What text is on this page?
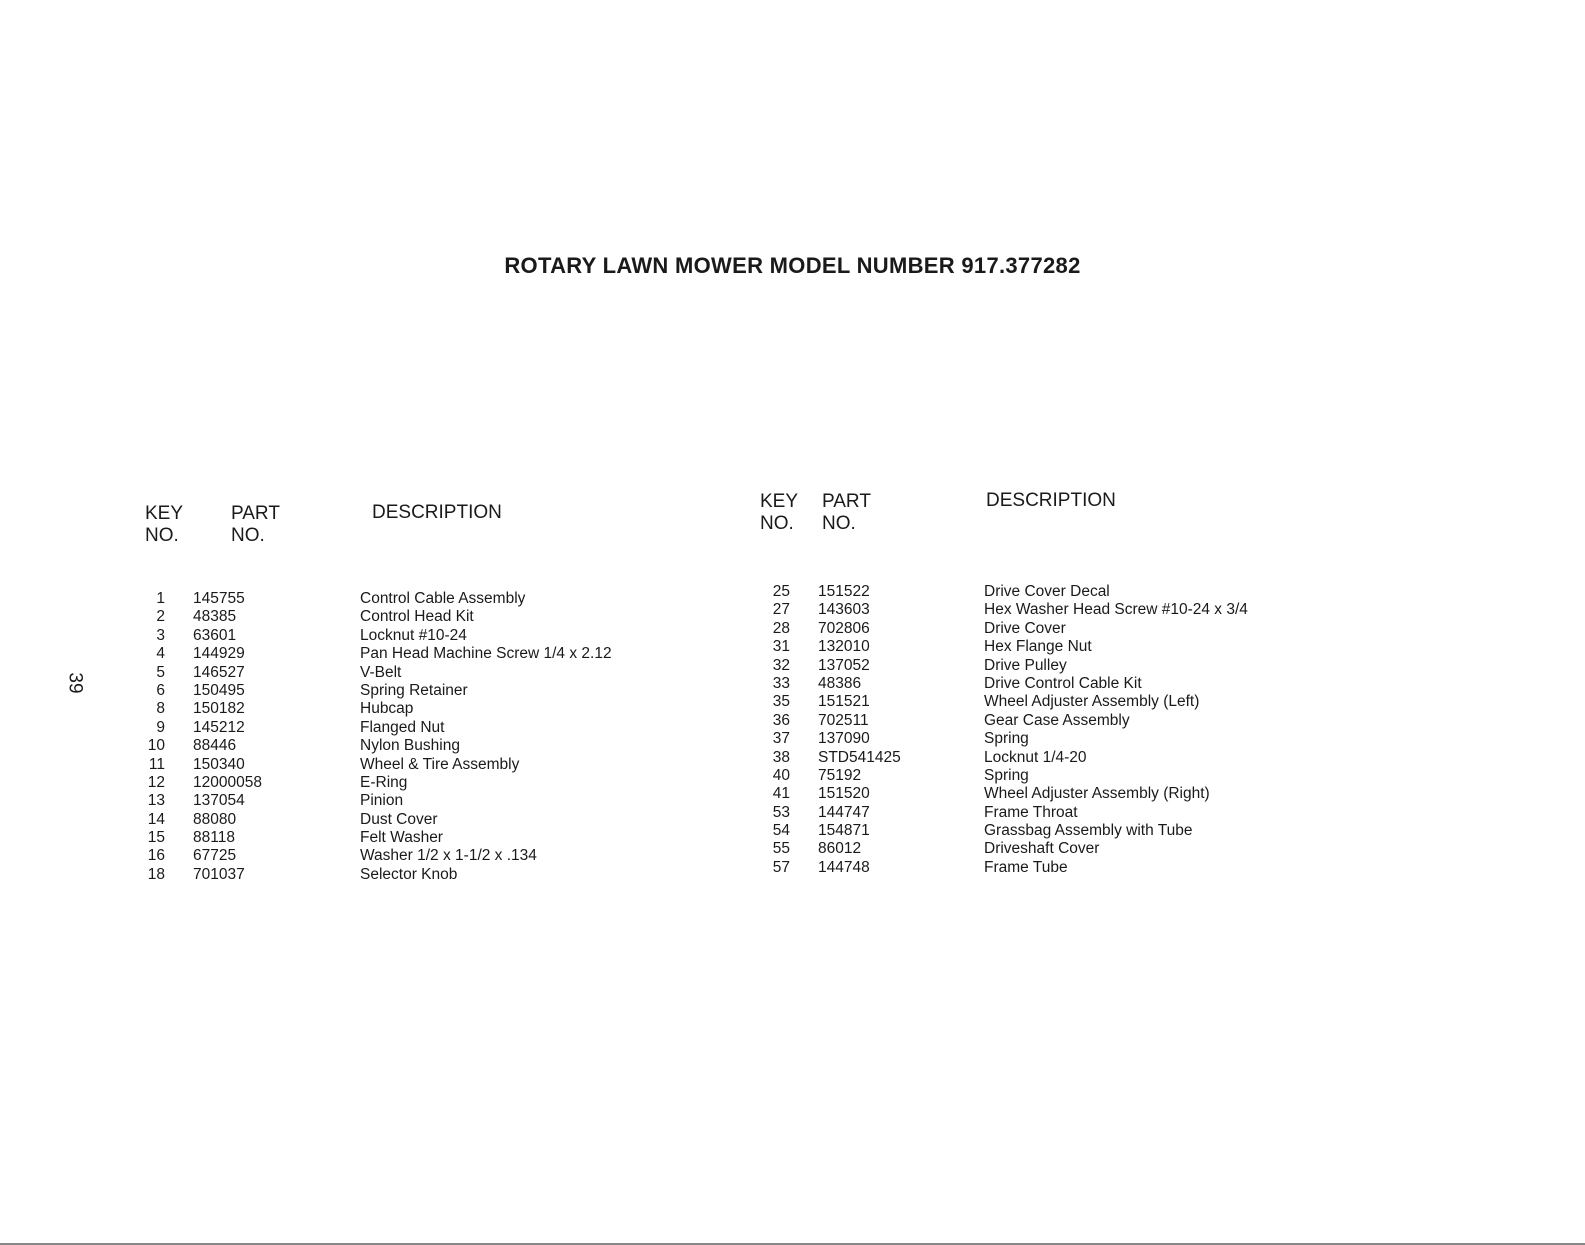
ROTARY LAWN MOWER MODEL NUMBER 917.377282
39
KEY
NO.
PART
NO.
DESCRIPTION
KEY
NO.
PART
NO.
DESCRIPTION
1 145755	Control Cable Assembly
2 48385	Control Head Kit
3 63601	Locknut #10-24
4 144929	Pan Head Machine Screw 1/4 x 2.12
5 146527	V-Belt
6 150495	Spring Retainer
8 150182	Hubcap
9 145212	Flanged Nut
10 88446	Nylon Bushing
11 150340	Wheel & Tire Assembly
12 12000058	E-Ring
13 137054	Pinion
14 88080	Dust Cover
15 88118	Felt Washer
16 67725	Washer 1/2 x 1-1/2 x .134
18 701037	Selector Knob
25 151522	Drive Cover Decal
27 143603	Hex Washer Head Screw #10-24 x 3/4
28 702806	Drive Cover
31 132010	Hex Flange Nut
32 137052	Drive Pulley
33 48386	Drive Control Cable Kit
35 151521	Wheel Adjuster Assembly (Left)
36 702511	Gear Case Assembly
37 137090	Spring
38 STD541425	Locknut 1/4-20
40 75192	Spring
41 151520	Wheel Adjuster Assembly (Right)
53 144747	Frame Throat
54 154871	Grassbag Assembly with Tube
55 86012	Driveshaft Cover
57 144748	Frame Tube
